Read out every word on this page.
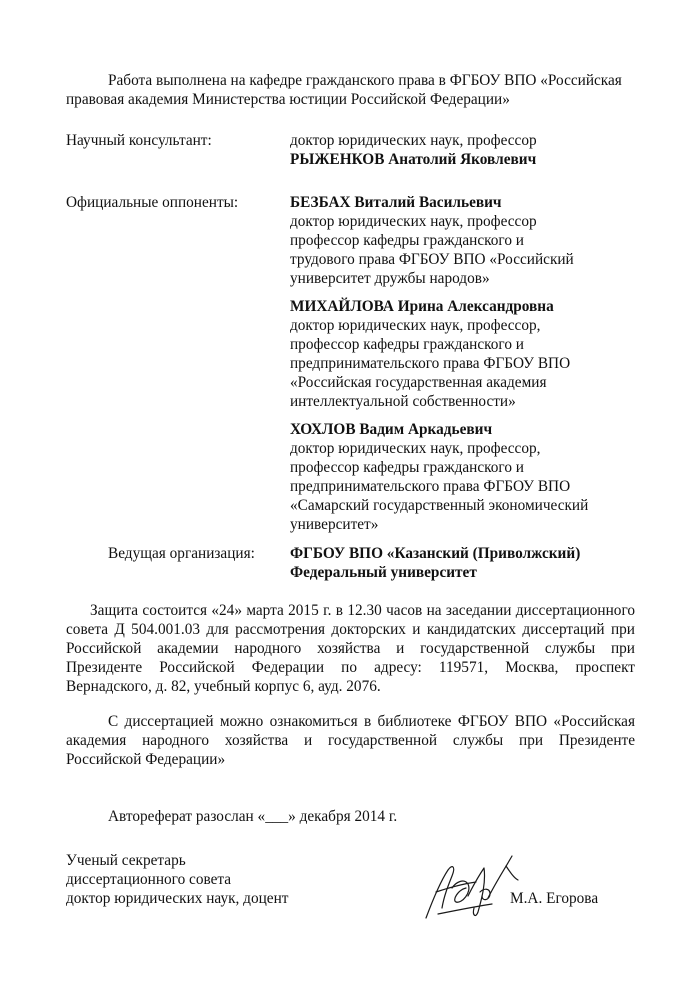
Работа выполнена на кафедре гражданского права в ФГБОУ ВПО «Российская
правовая академия Министерства юстиции Российской Федерации»
Научный консультант:	доктор юридических наук, профессор
РЫЖЕНКОВ Анатолий Яковлевич
Официальные оппоненты:	БЕЗБАХ Виталий Васильевич
доктор юридических наук, профессор
профессор кафедры гражданского и
трудового права ФГБОУ ВПО «Российский
университет дружбы народов»
МИХАЙЛОВА Ирина Александровна
доктор юридических наук, профессор,
профессор кафедры гражданского и
предпринимательского права ФГБОУ ВПО
«Российская государственная академия
интеллектуальной собственности»
ХОХЛОВ Вадим Аркадьевич
доктор юридических наук, профессор,
профессор кафедры гражданского и
предпринимательского права ФГБОУ ВПО
«Самарский государственный экономический
университет»
Ведущая организация: ФГБОУ ВПО «Казанский (Приволжский)
Федеральный университет
Защита состоится «24» марта 2015 г. в 12.30 часов на заседании диссертационного
совета Д 504.001.03 для рассмотрения докторских и кандидатских диссертаций при
Российской академии народного хозяйства и государственной службы при
Президенте Российской Федерации по адресу: 119571, Москва, проспект
Вернадского, д. 82, учебный корпус 6, ауд. 2076.
С диссертацией можно ознакомиться в библиотеке ФГБОУ ВПО «Российская
академия народного хозяйства и государственной службы при Президенте
Российской Федерации»
Автореферат разослан «___» декабря 2014 г.
Ученый секретарь
диссертационного совета
доктор юридических наук, доцент	М.А. Егорова
